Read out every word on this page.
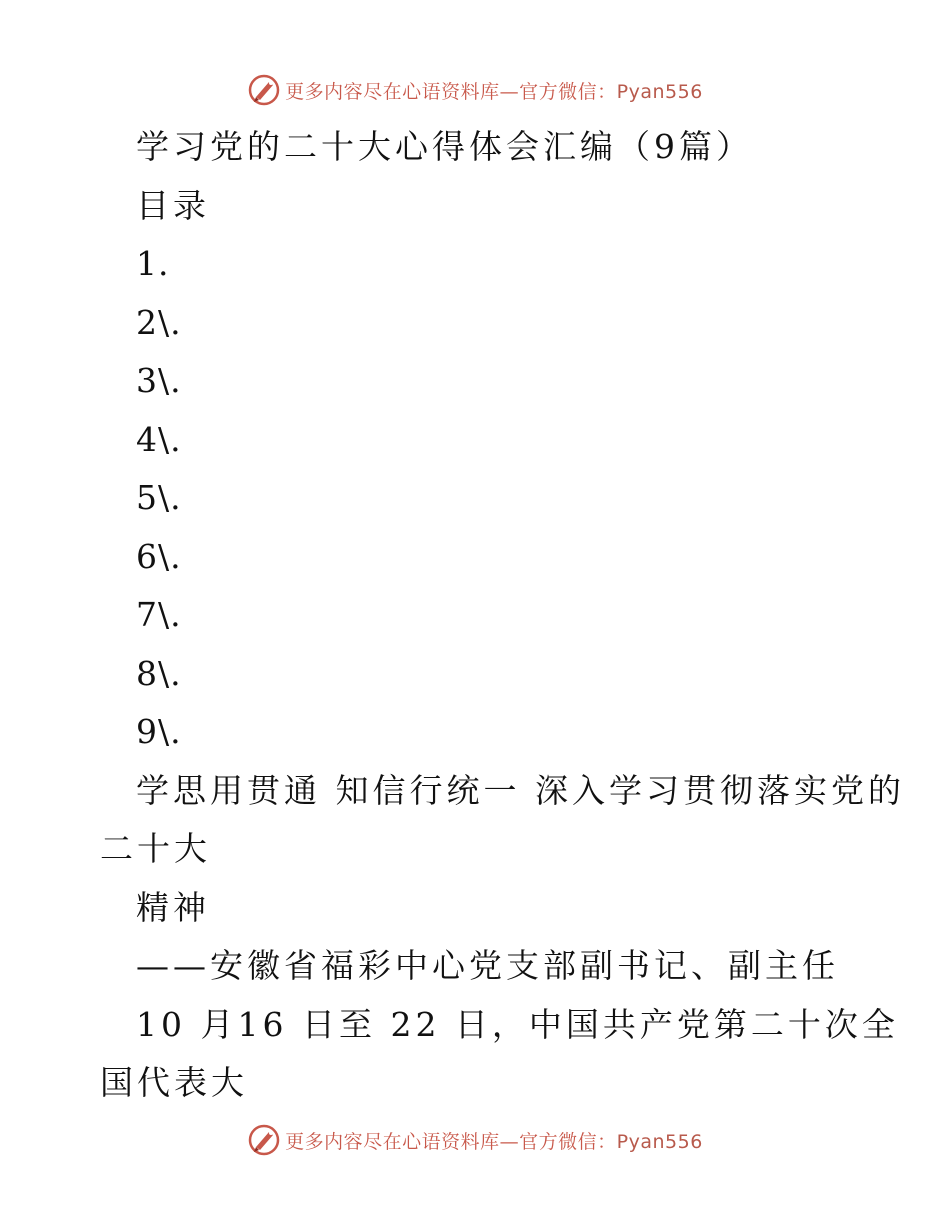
更多内容尽在心语资料库—官方微信：Pyan556
学习党的二十大心得体会汇编（9篇）
目录
1.
2\.
3\.
4\.
5\.
6\.
7\.
8\.
9\.
学思用贯通 知信行统一 深入学习贯彻落实党的
二十大
精神
——安徽省福彩中心党支部副书记、副主任
10 月16 日至 22 日，中国共产党第二十次全
国代表大
更多内容尽在心语资料库—官方微信：Pyan556
